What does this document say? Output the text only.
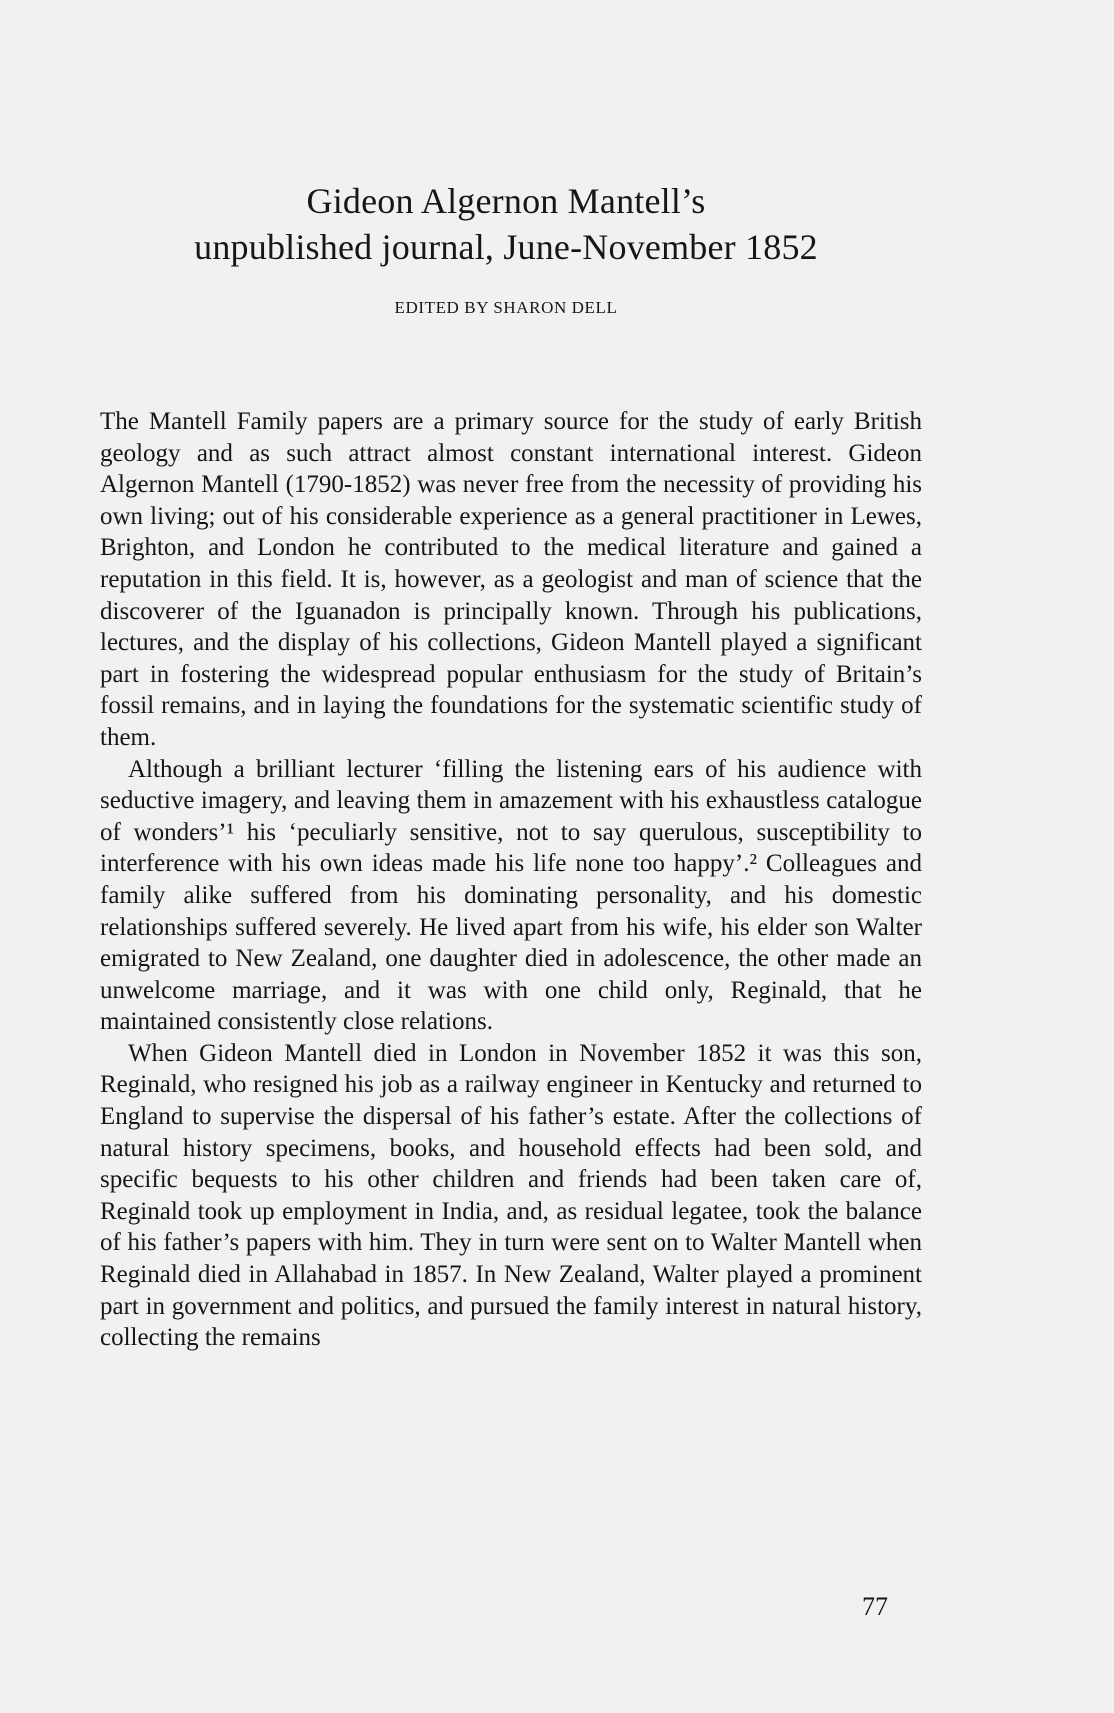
Gideon Algernon Mantell’s
unpublished journal, June-November 1852
EDITED BY SHARON DELL

The Mantell Family papers are a primary source for the study of early British geology and as such attract almost constant international interest. Gideon Algernon Mantell (1790-1852) was never free from the necessity of providing his own living; out of his considerable experience as a general practitioner in Lewes, Brighton, and London he contributed to the medical literature and gained a reputation in this field. It is, however, as a geologist and man of science that the discoverer of the Iguanadon is principally known. Through his publications, lectures, and the display of his collections, Gideon Mantell played a significant part in fostering the widespread popular enthusiasm for the study of Britain’s fossil remains, and in laying the foundations for the systematic scientific study of them.

Although a brilliant lecturer ‘filling the listening ears of his audience with seductive imagery, and leaving them in amazement with his exhaustless catalogue of wonders’¹ his ‘peculiarly sensitive, not to say querulous, susceptibility to interference with his own ideas made his life none too happy’.² Colleagues and family alike suffered from his dominating personality, and his domestic relationships suffered severely. He lived apart from his wife, his elder son Walter emigrated to New Zealand, one daughter died in adolescence, the other made an unwelcome marriage, and it was with one child only, Reginald, that he maintained consistently close relations.

When Gideon Mantell died in London in November 1852 it was this son, Reginald, who resigned his job as a railway engineer in Kentucky and returned to England to supervise the dispersal of his father’s estate. After the collections of natural history specimens, books, and household effects had been sold, and specific bequests to his other children and friends had been taken care of, Reginald took up employment in India, and, as residual legatee, took the balance of his father’s papers with him. They in turn were sent on to Walter Mantell when Reginald died in Allahabad in 1857. In New Zealand, Walter played a prominent part in government and politics, and pursued the family interest in natural history, collecting the remains

77
